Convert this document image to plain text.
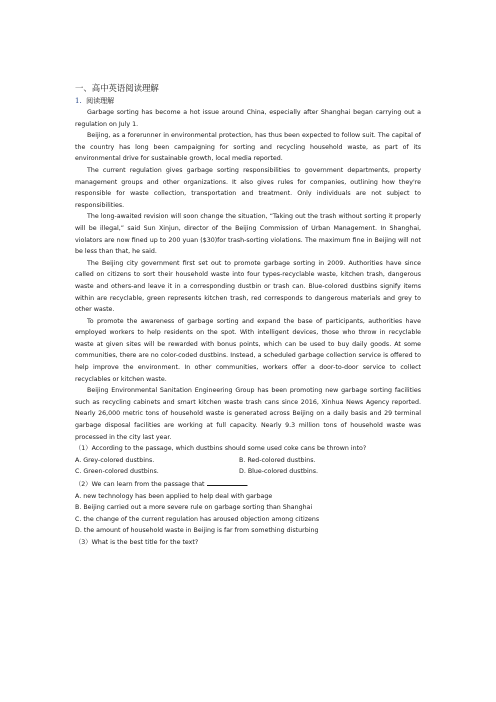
一、高中英语阅读理解
1. 阅读理解

Garbage sorting has become a hot issue around China, especially after Shanghai began carrying out a regulation on July 1.

Beijing, as a forerunner in environmental protection, has thus been expected to follow suit. The capital of the country has long been campaigning for sorting and recycling household waste, as part of its environmental drive for sustainable growth, local media reported.

The current regulation gives garbage sorting responsibilities to government departments, property management groups and other organizations. It also gives rules for companies, outlining how they're responsible for waste collection, transportation and treatment. Only individuals are not subject to responsibilities.

The long-awaited revision will soon change the situation, “Taking out the trash without sorting it properly will be illegal,” said Sun Xinjun, director of the Beijing Commission of Urban Management. In Shanghai, violators are now fined up to 200 yuan ($30)for trash-sorting violations. The maximum fine in Beijing will not be less than that, he said.

The Beijing city government first set out to promote garbage sorting in 2009. Authorities have since called on citizens to sort their household waste into four types-recyclable waste, kitchen trash, dangerous waste and others-and leave it in a corresponding dustbin or trash can. Blue-colored dustbins signify items within are recyclable, green represents kitchen trash, red corresponds to dangerous materials and grey to other waste.

To promote the awareness of garbage sorting and expand the base of participants, authorities have employed workers to help residents on the spot. With intelligent devices, those who throw in recyclable waste at given sites will be rewarded with bonus points, which can be used to buy daily goods. At some communities, there are no color-coded dustbins. Instead, a scheduled garbage collection service is offered to help improve the environment. In other communities, workers offer a door-to-door service to collect recyclables or kitchen waste.

Beijing Environmental Sanitation Engineering Group has been promoting new garbage sorting facilities such as recycling cabinets and smart kitchen waste trash cans since 2016, Xinhua News Agency reported. Nearly 26,000 metric tons of household waste is generated across Beijing on a daily basis and 29 terminal garbage disposal facilities are working at full capacity. Nearly 9.3 million tons of household waste was processed in the city last year.

（1）According to the passage, which dustbins should some used coke cans be thrown into?

A. Grey-colored dustbins.	B. Red-colored dustbins.
C. Green-colored dustbins.	D. Blue-colored dustbins.

（2）We can learn from the passage that	.

A. new technology has been applied to help deal with garbage

B. Beijing carried out a more severe rule on garbage sorting than Shanghai

C. the change of the current regulation has aroused objection among citizens

D. the amount of household waste in Beijing is far from something disturbing

（3）What is the best title for the text?
